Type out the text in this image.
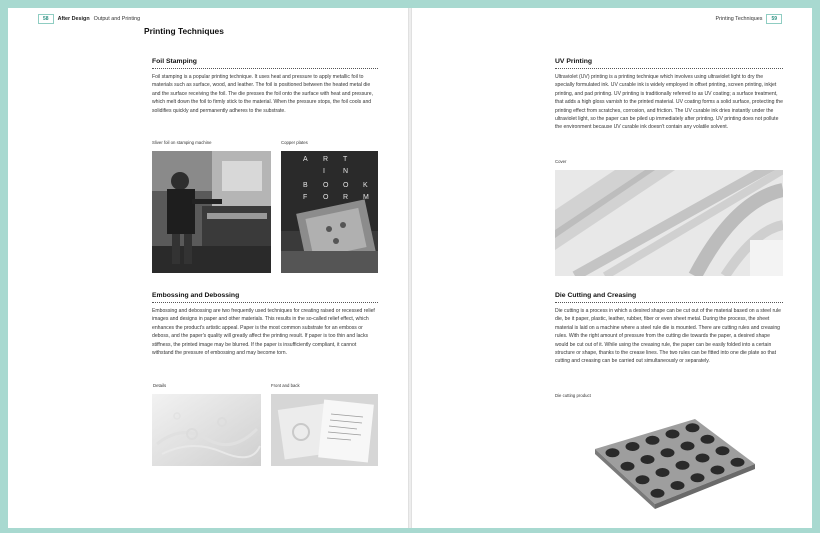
58	After Design Output and Printing	Printing Techniques	59
Printing Techniques
Foil Stamping

Foil stamping is a popular printing technique. It uses heat and pressure to apply metallic foil to materials such as surface, wood, and leather. The foil is positioned between the heated metal die and the surface receiving the foil. The die presses the foil onto the surface with heat and pressure, which melt down the foil to firmly stick to the material. When the pressure stops, the foil cools and solidifies quickly and permanently adheres to the substrate.

Sliver foil on stamping machine	Copper plates
A R T
I	N
B O O K
F O R M
Embossing and Debossing

Embossing and debossing are two frequently used techniques for creating raised or recessed relief images and designs in paper and other materials. This results in the so-called relief effect, which enhances the product's artistic appeal. Paper is the most common substrate for an emboss or deboss, and the paper's quality will greatly affect the printing result. If paper is too thin and lacks stiffness, the printed image may be blurred. If the paper is insufficiently compliant, it cannot withstand the pressure of embossing and may become torn.

Details	Front and back
UV Printing

Ultraviolet (UV) printing is a printing technique which involves using ultraviolet light to dry the specially formulated ink. UV curable ink is widely employed in offset printing, screen printing, inkjet printing, and pad printing. UV printing is traditionally referred to as UV coating; a surface treatment, that adds a high gloss varnish to the printed material. UV coating forms a solid surface, protecting the printing effect from scratches, corrosion, and friction. The UV curable ink dries instantly under the ultraviolet light, so the paper can be piled up immediately after printing. UV printing does not pollute the environment because UV curable ink doesn't contain any volatile solvent.

Cover
Die Cutting and Creasing

Die cutting is a process in which a desired shape can be cut out of the material based on a steel rule die, be it paper, plastic, leather, rubber, fiber or even sheet metal. During the process, the sheet material is laid on a machine where a steel rule die is mounted. There are cutting rules and creasing rules. With the right amount of pressure from the cutting die towards the paper, a desired shape would be cut out of it. While using the creasing rule, the paper can be easily folded into a certain structure or shape, thanks to the crease lines. The two rules can be fitted into one die plate so that cutting and creasing can be carried out simultaneously or separately.

Die cutting product
